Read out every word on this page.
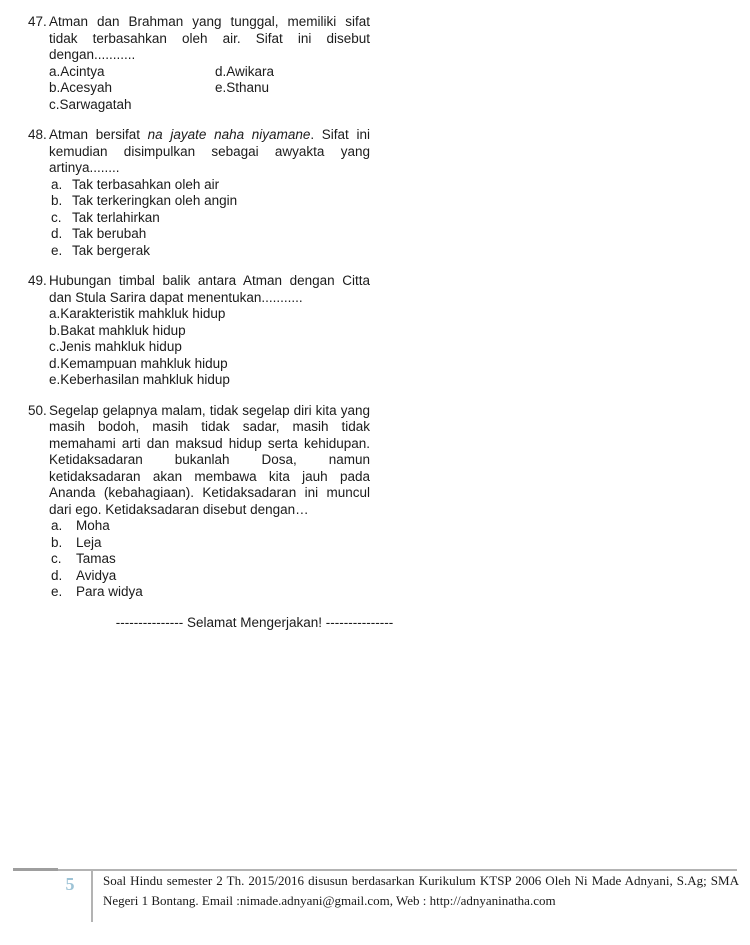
47. Atman dan Brahman yang tunggal, memiliki sifat tidak terbasahkan oleh air. Sifat ini disebut dengan...........

a.Acintya
b.Acesyah
c.Sarwagatah
d.Awikara
e.Sthanu
48. Atman bersifat na jayate naha niyamane. Sifat ini kemudian disimpulkan sebagai awyakta yang artinya........

a. Tak terbasahkan oleh air
b. Tak terkeringkan oleh angin
c. Tak terlahirkan
d. Tak berubah
e. Tak bergerak
49. Hubungan timbal balik antara Atman dengan Citta dan Stula Sarira dapat menentukan...........

a.Karakteristik mahkluk hidup
b.Bakat mahkluk hidup
c.Jenis mahkluk hidup
d.Kemampuan mahkluk hidup
e.Keberhasilan mahkluk hidup
50. Segelap gelapnya malam, tidak segelap diri kita yang masih bodoh, masih tidak sadar, masih tidak memahami arti dan maksud hidup serta kehidupan. Ketidaksadaran bukanlah Dosa, namun ketidaksadaran akan membawa kita jauh pada Ananda (kebahagiaan). Ketidaksadaran ini muncul dari ego. Ketidaksadaran disebut dengan…

a. Moha
b. Leja
c. Tamas
d. Avidya
e. Para widya
--------------- Selamat Mengerjakan! ---------------
5	Soal Hindu semester 2 Th. 2015/2016 disusun berdasarkan Kurikulum KTSP 2006 Oleh Ni Made Adnyani, S.Ag; SMA Negeri 1 Bontang. Email :nimade.adnyani@gmail.com, Web : http://adnyaninatha.com
